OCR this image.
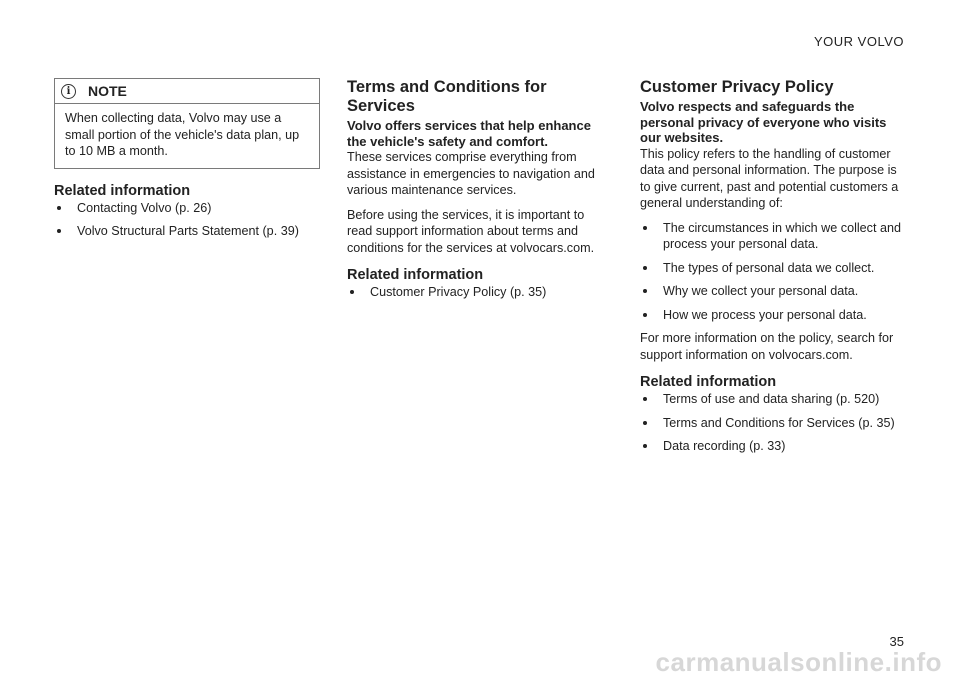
YOUR VOLVO
i	NOTE

When collecting data, Volvo may use a small portion of the vehicle's data plan, up to 10 MB a month.

Related information
Contacting Volvo (p. 26)
Volvo Structural Parts Statement (p. 39)
Terms and Conditions for Services

Volvo offers services that help enhance the vehicle's safety and comfort.

These services comprise everything from assistance in emergencies to navigation and various maintenance services.

Before using the services, it is important to read support information about terms and conditions for the services at volvocars.com.

Related information
Customer Privacy Policy (p. 35)
Customer Privacy Policy

Volvo respects and safeguards the personal privacy of everyone who visits our websites.

This policy refers to the handling of customer data and personal information. The purpose is to give current, past and potential customers a general understanding of:

The circumstances in which we collect and process your personal data.
The types of personal data we collect.
Why we collect your personal data.
How we process your personal data.

For more information on the policy, search for support information on volvocars.com.

Related information
Terms of use and data sharing (p. 520)
Terms and Conditions for Services (p. 35)
Data recording (p. 33)
35
carmanualsonline.info
